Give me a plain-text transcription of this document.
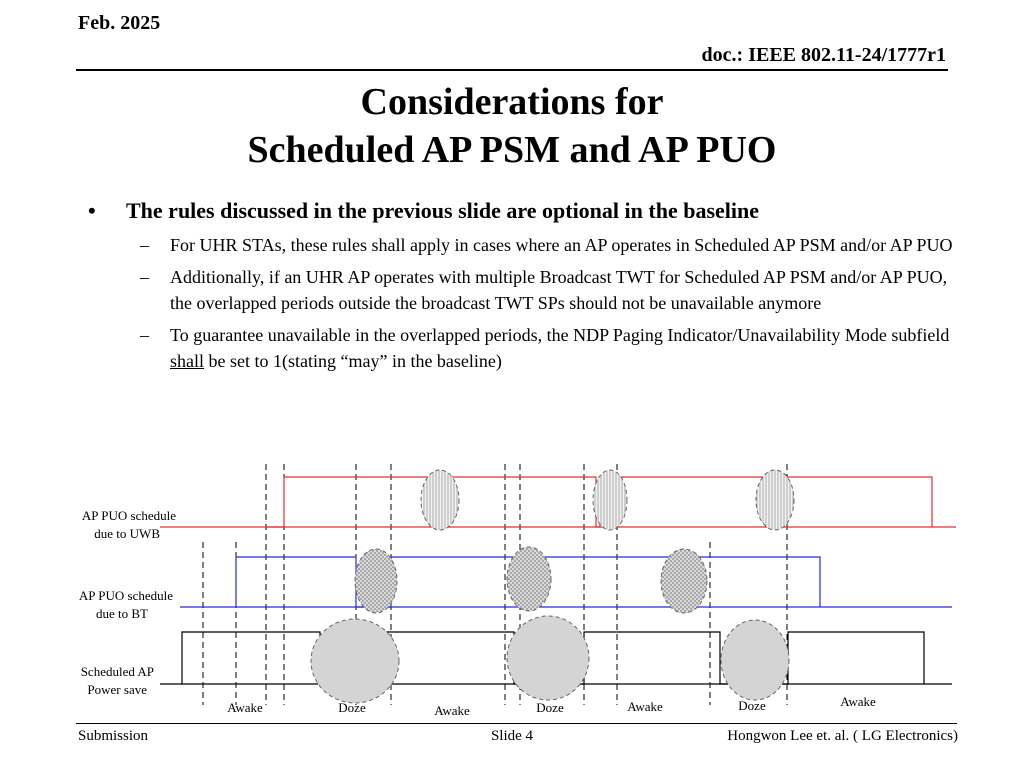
Feb. 2025
doc.: IEEE 802.11-24/1777r1
Considerations for
Scheduled AP PSM and AP PUO
• The rules discussed in the previous slide are optional in the baseline
– For UHR STAs, these rules shall apply in cases where an AP operates in Scheduled AP PSM and/or AP PUO
– Additionally, if an UHR AP operates with multiple Broadcast TWT for Scheduled AP PSM and/or AP PUO, the overlapped periods outside the broadcast TWT SPs should not be unavailable anymore
– To guarantee unavailable in the overlapped periods, the NDP Paging Indicator/Unavailability Mode subfield shall be set to 1(stating “may” in the baseline)
AP PUO schedule
due to UWB
AP PUO schedule
due to BT
Scheduled AP
Power save
Awake	Doze	Awake	Doze	Awake	Doze	Awake
Submission	Slide 4	Hongwon Lee et. al. ( LG Electronics)
